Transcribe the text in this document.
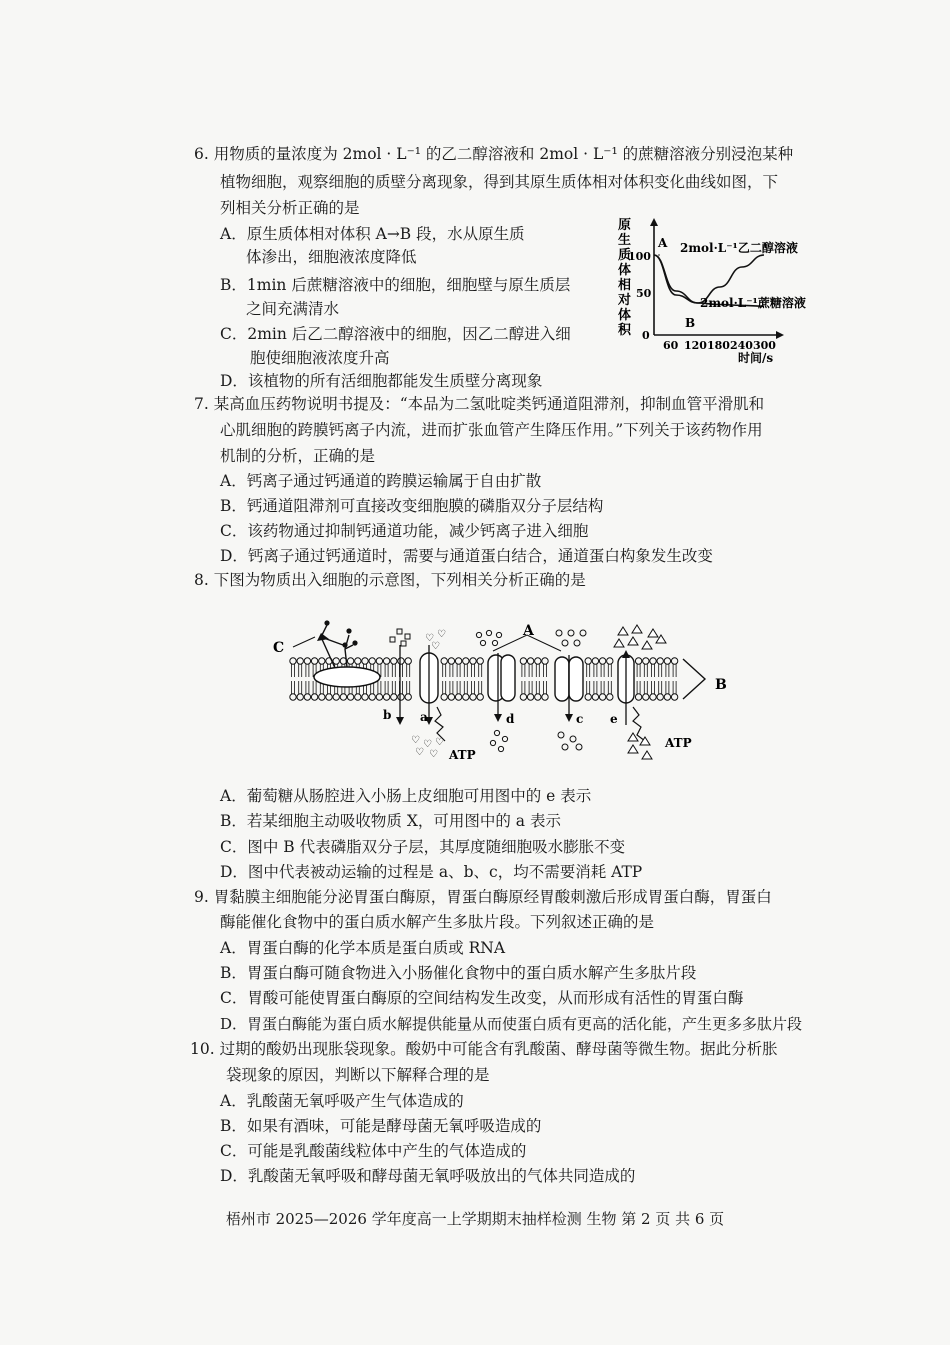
6. 用物质的量浓度为 2mol · L⁻¹ 的乙二醇溶液和 2mol · L⁻¹ 的蔗糖溶液分别浸泡某种
植物细胞，观察细胞的质壁分离现象，得到其原生质体相对体积变化曲线如图，下
列相关分析正确的是
A．原生质体相对体积 A→B 段，水从原生质
体渗出，细胞液浓度降低
B．1min 后蔗糖溶液中的细胞，细胞壁与原生质层
之间充满清水
C．2min 后乙二醇溶液中的细胞，因乙二醇进入细
胞使细胞液浓度升高
D．该植物的所有活细胞都能发生质壁分离现象
原
生
质
体
相
对
体
积
100
50
0
60 120 180 240 300
时间/s
A
B
2mol·L⁻¹乙二醇溶液
2mol·L⁻¹蔗糖溶液
7. 某高血压药物说明书提及：“本品为二氢吡啶类钙通道阻滞剂，抑制血管平滑肌和
心肌细胞的跨膜钙离子内流，进而扩张血管产生降压作用。”下列关于该药物作用
机制的分析，正确的是
A．钙离子通过钙通道的跨膜运输属于自由扩散
B．钙通道阻滞剂可直接改变细胞膜的磷脂双分子层结构
C．该药物通过抑制钙通道功能，减少钙离子进入细胞
D．钙离子通过钙通道时，需要与通道蛋白结合，通道蛋白构象发生改变
8. 下图为物质出入细胞的示意图，下列相关分析正确的是
C
B
A
b a	d	c e
ATP
ATP
♡ ♡
♡
♡ ♡ ♡
♡ ♡
A．葡萄糖从肠腔进入小肠上皮细胞可用图中的 e 表示
B．若某细胞主动吸收物质 X，可用图中的 a 表示
C．图中 B 代表磷脂双分子层，其厚度随细胞吸水膨胀不变
D．图中代表被动运输的过程是 a、b、c，均不需要消耗 ATP
9. 胃黏膜主细胞能分泌胃蛋白酶原，胃蛋白酶原经胃酸刺激后形成胃蛋白酶，胃蛋白
酶能催化食物中的蛋白质水解产生多肽片段。下列叙述正确的是
A．胃蛋白酶的化学本质是蛋白质或 RNA
B．胃蛋白酶可随食物进入小肠催化食物中的蛋白质水解产生多肽片段
C．胃酸可能使胃蛋白酶原的空间结构发生改变，从而形成有活性的胃蛋白酶
D．胃蛋白酶能为蛋白质水解提供能量从而使蛋白质有更高的活化能，产生更多多肽片段
10. 过期的酸奶出现胀袋现象。酸奶中可能含有乳酸菌、酵母菌等微生物。据此分析胀
袋现象的原因，判断以下解释合理的是
A．乳酸菌无氧呼吸产生气体造成的
B．如果有酒味，可能是酵母菌无氧呼吸造成的
C．可能是乳酸菌线粒体中产生的气体造成的
D．乳酸菌无氧呼吸和酵母菌无氧呼吸放出的气体共同造成的
梧州市 2025—2026 学年度高一上学期期末抽样检测 生物 第 2 页 共 6 页
